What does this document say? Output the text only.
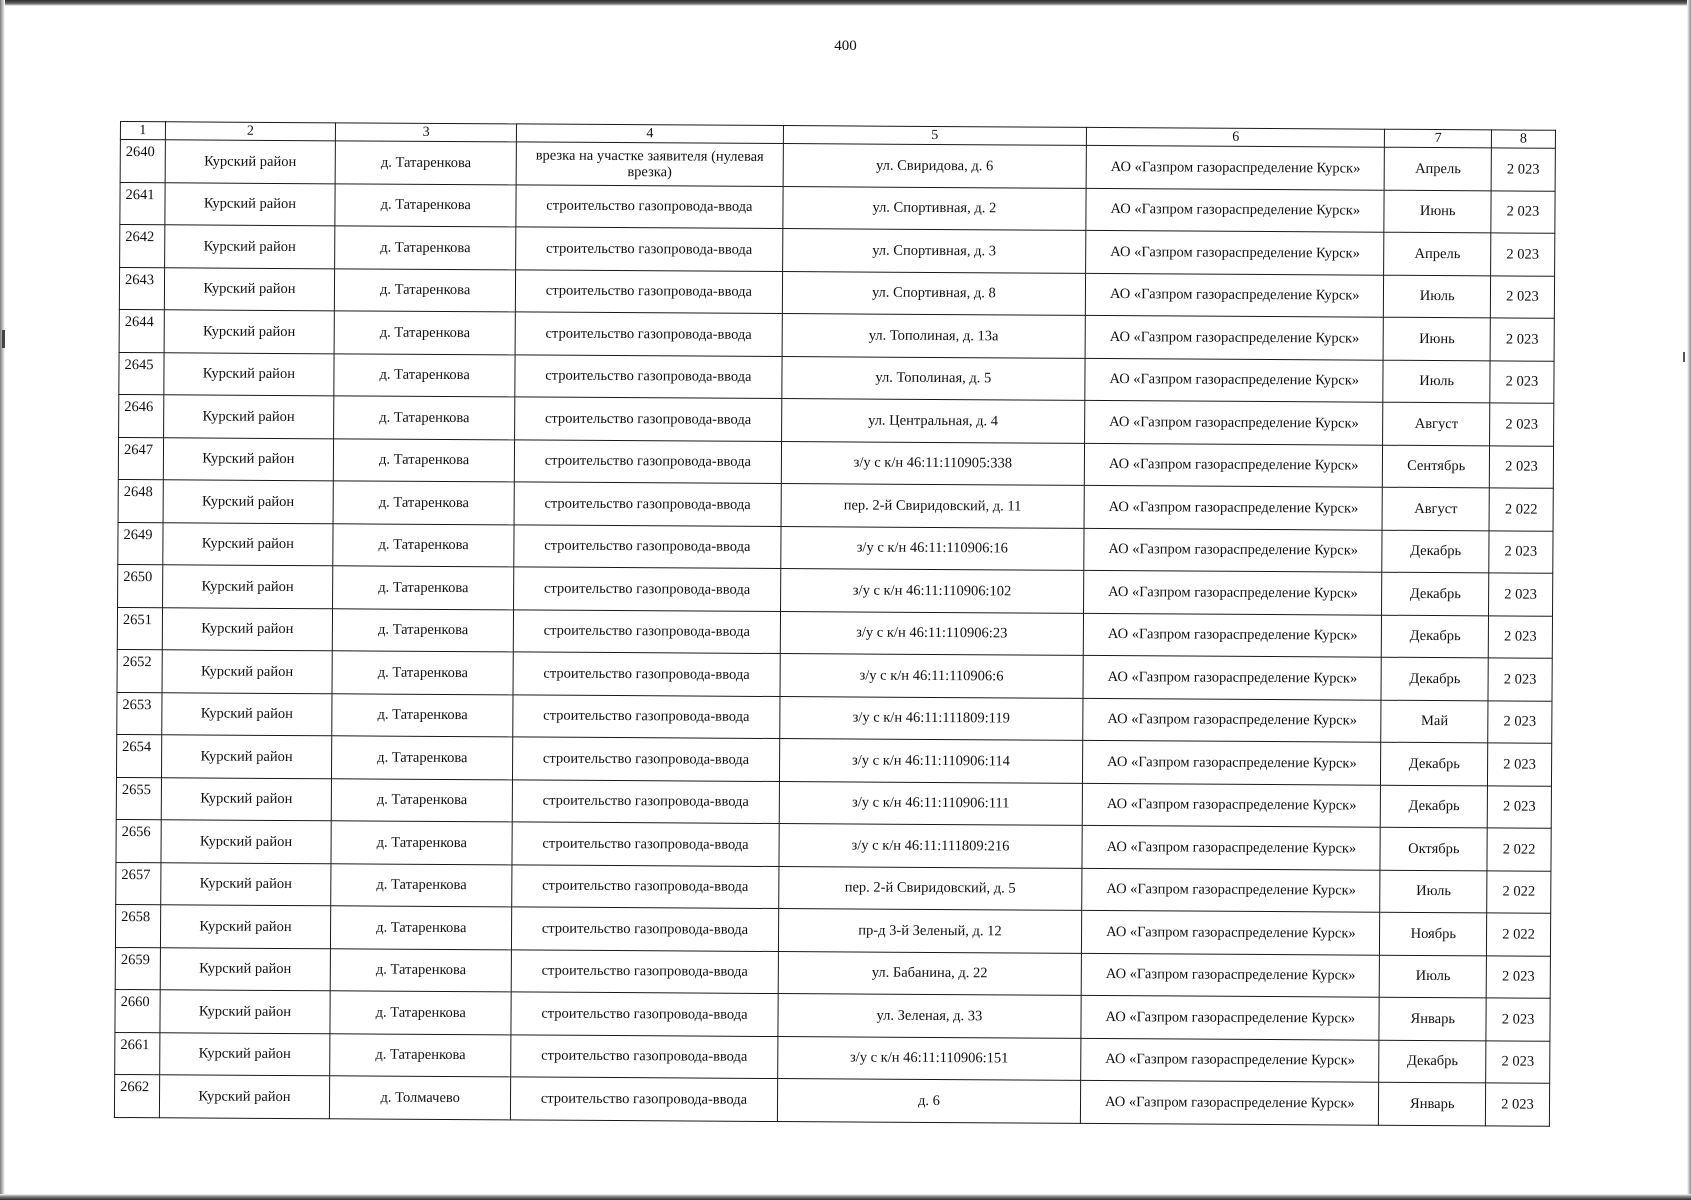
400
1	2	3	4	5	6	7	8
2640	Курский район	д. Татаренкова	врезка на участке заявителя (нулевая врезка)	ул. Свиридова, д. 6	АО «Газпром газораспределение Курск»	Апрель	2 023
2641	Курский район	д. Татаренкова	строительство газопровода-ввода	ул. Спортивная, д. 2	АО «Газпром газораспределение Курск»	Июнь	2 023
2642	Курский район	д. Татаренкова	строительство газопровода-ввода	ул. Спортивная, д. 3	АО «Газпром газораспределение Курск»	Апрель	2 023
2643	Курский район	д. Татаренкова	строительство газопровода-ввода	ул. Спортивная, д. 8	АО «Газпром газораспределение Курск»	Июль	2 023
2644	Курский район	д. Татаренкова	строительство газопровода-ввода	ул. Тополиная, д. 13а	АО «Газпром газораспределение Курск»	Июнь	2 023
2645	Курский район	д. Татаренкова	строительство газопровода-ввода	ул. Тополиная, д. 5	АО «Газпром газораспределение Курск»	Июль	2 023
2646	Курский район	д. Татаренкова	строительство газопровода-ввода	ул. Центральная, д. 4	АО «Газпром газораспределение Курск»	Август	2 023
2647	Курский район	д. Татаренкова	строительство газопровода-ввода	з/у с к/н 46:11:110905:338	АО «Газпром газораспределение Курск»	Сентябрь	2 023
2648	Курский район	д. Татаренкова	строительство газопровода-ввода	пер. 2-й Свиридовский, д. 11	АО «Газпром газораспределение Курск»	Август	2 022
2649	Курский район	д. Татаренкова	строительство газопровода-ввода	з/у с к/н 46:11:110906:16	АО «Газпром газораспределение Курск»	Декабрь	2 023
2650	Курский район	д. Татаренкова	строительство газопровода-ввода	з/у с к/н 46:11:110906:102	АО «Газпром газораспределение Курск»	Декабрь	2 023
2651	Курский район	д. Татаренкова	строительство газопровода-ввода	з/у с к/н 46:11:110906:23	АО «Газпром газораспределение Курск»	Декабрь	2 023
2652	Курский район	д. Татаренкова	строительство газопровода-ввода	з/у с к/н 46:11:110906:6	АО «Газпром газораспределение Курск»	Декабрь	2 023
2653	Курский район	д. Татаренкова	строительство газопровода-ввода	з/у с к/н 46:11:111809:119	АО «Газпром газораспределение Курск»	Май	2 023
2654	Курский район	д. Татаренкова	строительство газопровода-ввода	з/у с к/н 46:11:110906:114	АО «Газпром газораспределение Курск»	Декабрь	2 023
2655	Курский район	д. Татаренкова	строительство газопровода-ввода	з/у с к/н 46:11:110906:111	АО «Газпром газораспределение Курск»	Декабрь	2 023
2656	Курский район	д. Татаренкова	строительство газопровода-ввода	з/у с к/н 46:11:111809:216	АО «Газпром газораспределение Курск»	Октябрь	2 022
2657	Курский район	д. Татаренкова	строительство газопровода-ввода	пер. 2-й Свиридовский, д. 5	АО «Газпром газораспределение Курск»	Июль	2 022
2658	Курский район	д. Татаренкова	строительство газопровода-ввода	пр-д 3-й Зеленый, д. 12	АО «Газпром газораспределение Курск»	Ноябрь	2 022
2659	Курский район	д. Татаренкова	строительство газопровода-ввода	ул. Бабанина, д. 22	АО «Газпром газораспределение Курск»	Июль	2 023
2660	Курский район	д. Татаренкова	строительство газопровода-ввода	ул. Зеленая, д. 33	АО «Газпром газораспределение Курск»	Январь	2 023
2661	Курский район	д. Татаренкова	строительство газопровода-ввода	з/у с к/н 46:11:110906:151	АО «Газпром газораспределение Курск»	Декабрь	2 023
2662	Курский район	д. Толмачево	строительство газопровода-ввода	д. 6	АО «Газпром газораспределение Курск»	Январь	2 023
